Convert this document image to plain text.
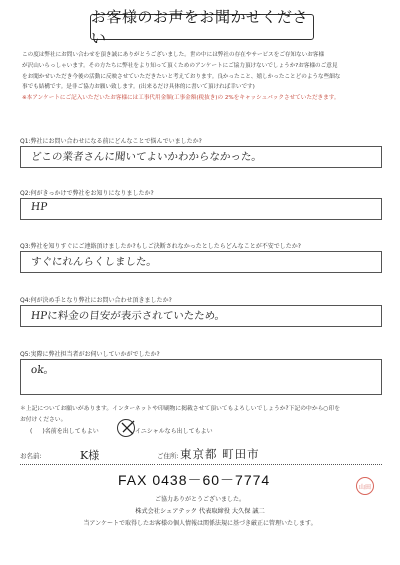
お客様のお声をお聞かせください

この度は弊社にお問い合わせを頂き誠にありがとうございました。世の中には弊社の存在やサービスをご存知ないお客様

が沢山いらっしゃいます。その方たちに弊社をより知って頂くためのアンケートにご協力頂けないでしょうか?お客様のご意見

をお聞かせいただき今後の活動に反映させていただきたいと考えております。良かったこと、嬉しかったことどのような些細な

事でも結構です。是非ご協力お願い致します。(出来るだけ具体的に書いて頂ければ幸いです)

※本アンケートにご記入いただいたお客様には工事代用金額(工事金額(税抜き)の 2%をキャッシュバックさせていただきます。

Q1:弊社にお問い合わせになる前にどんなことで悩んでいましたか?
どこの業者さんに聞いてよいかわからなかった。
Q2:何がきっかけで弊社をお知りになりましたか?
HP
Q3:弊社を知りすぐにご連絡頂けましたか?もしご決断されなかったとしたらどんなことが不安でしたか?
すぐにれんらくしました。
Q4:何が決め手となり弊社にお問い合わせ頂きましたか?
HPに料金の目安が表示されていたため。
Q5:実際に弊社担当者がお伺いしていかがでしたか?
ok。

＊上記についてお願いがあります。インターネットや印刷物に掲載させて頂いてもよろしいでしょうか?下記の中から○印を

お付けください。

( )名前を出してもよい	イニシャルなら出してもよい
お名前:	K様	ご住所: 東京都 町田市
FAX 0438－60－7774	山田
ご協力ありがとうございました。
株式会社シェアテック 代表取締役 大久保 誠二
当アンケートで取得したお客様の個人情報は関係法規に基づき厳正に管理いたします。
